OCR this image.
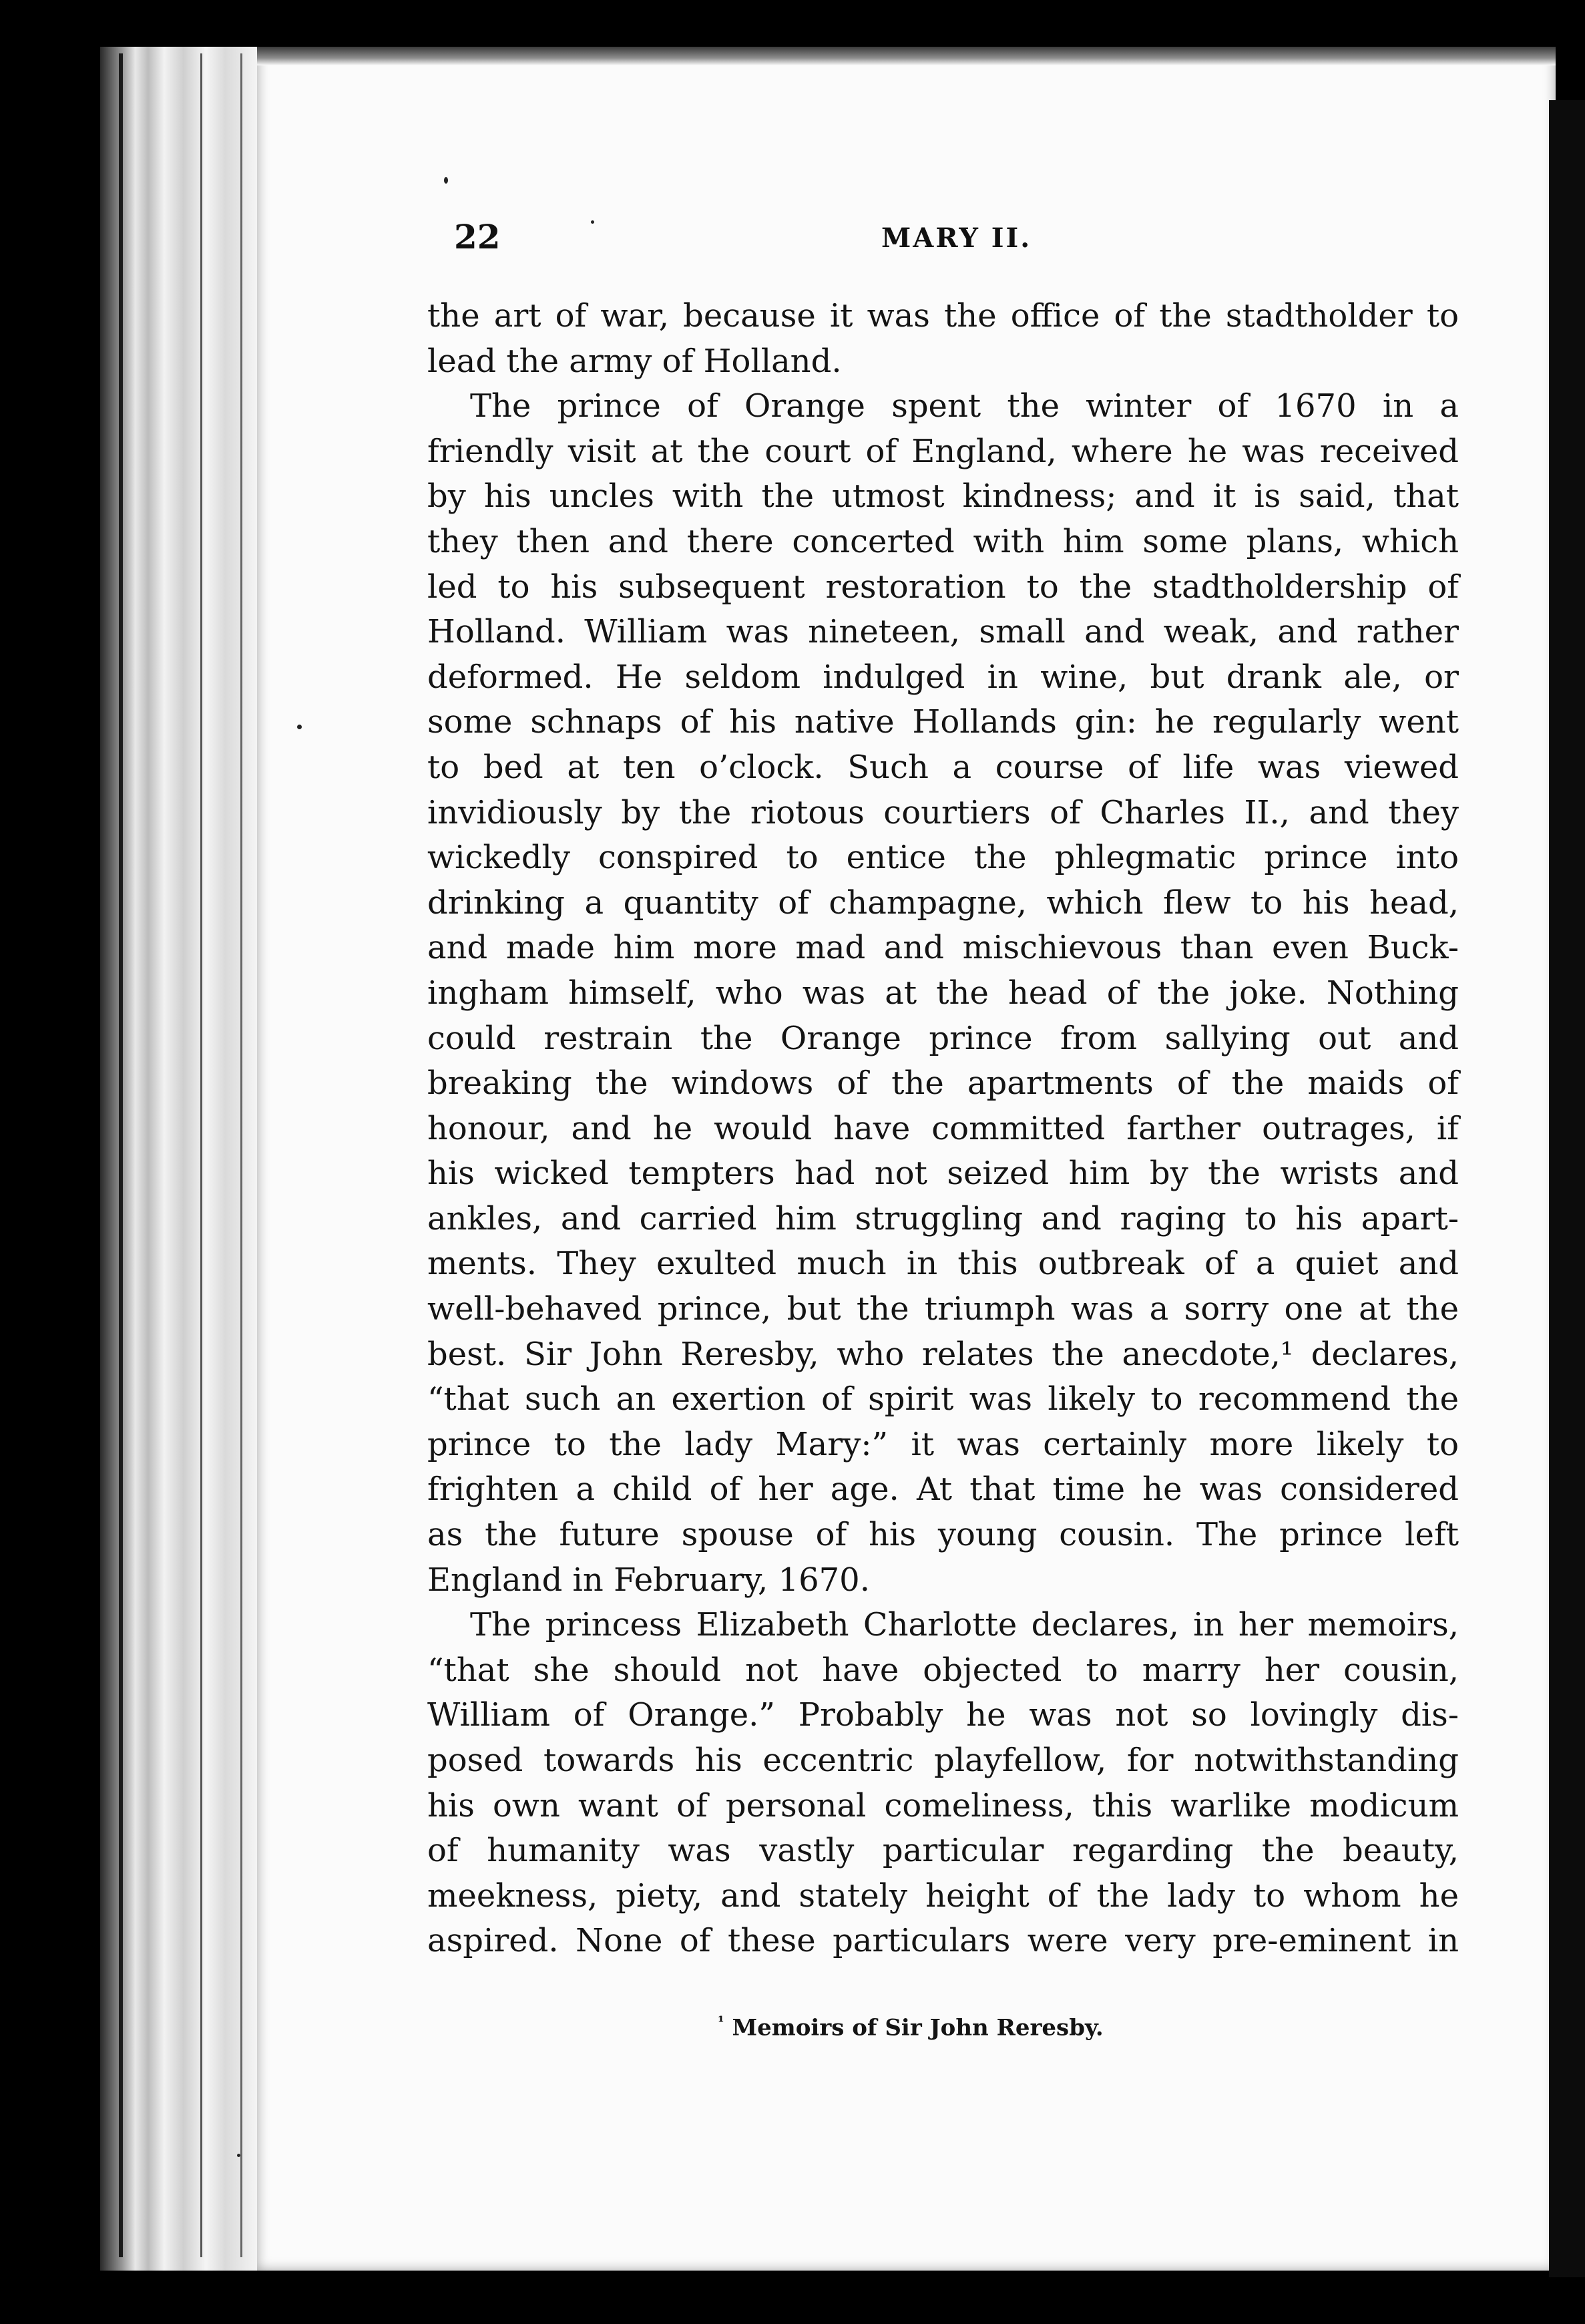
22	MARY II.

the art of war, because it was the office of the stadtholder to
lead the army of Holland.

The prince of Orange spent the winter of 1670 in a
friendly visit at the court of England, where he was received
by his uncles with the utmost kindness; and it is said, that
they then and there concerted with him some plans, which
led to his subsequent restoration to the stadtholdership of
Holland. William was nineteen, small and weak, and rather
deformed. He seldom indulged in wine, but drank ale, or
some schnaps of his native Hollands gin: he regularly went
to bed at ten o’clock. Such a course of life was viewed
invidiously by the riotous courtiers of Charles II., and they
wickedly conspired to entice the phlegmatic prince into
drinking a quantity of champagne, which flew to his head,
and made him more mad and mischievous than even Buck-
ingham himself, who was at the head of the joke. Nothing
could restrain the Orange prince from sallying out and
breaking the windows of the apartments of the maids of
honour, and he would have committed farther outrages, if
his wicked tempters had not seized him by the wrists and
ankles, and carried him struggling and raging to his apart-
ments. They exulted much in this outbreak of a quiet and
well-behaved prince, but the triumph was a sorry one at the
best. Sir John Reresby, who relates the anecdote,¹ declares,
“that such an exertion of spirit was likely to recommend the
prince to the lady Mary:” it was certainly more likely to
frighten a child of her age. At that time he was considered
as the future spouse of his young cousin. The prince left
England in February, 1670.

The princess Elizabeth Charlotte declares, in her memoirs,
“that she should not have objected to marry her cousin,
William of Orange.” Probably he was not so lovingly dis-
posed towards his eccentric playfellow, for notwithstanding
his own want of personal comeliness, this warlike modicum
of humanity was vastly particular regarding the beauty,
meekness, piety, and stately height of the lady to whom he
aspired. None of these particulars were very pre-eminent in

$^{^1}$ Memoirs of Sir John Reresby.
